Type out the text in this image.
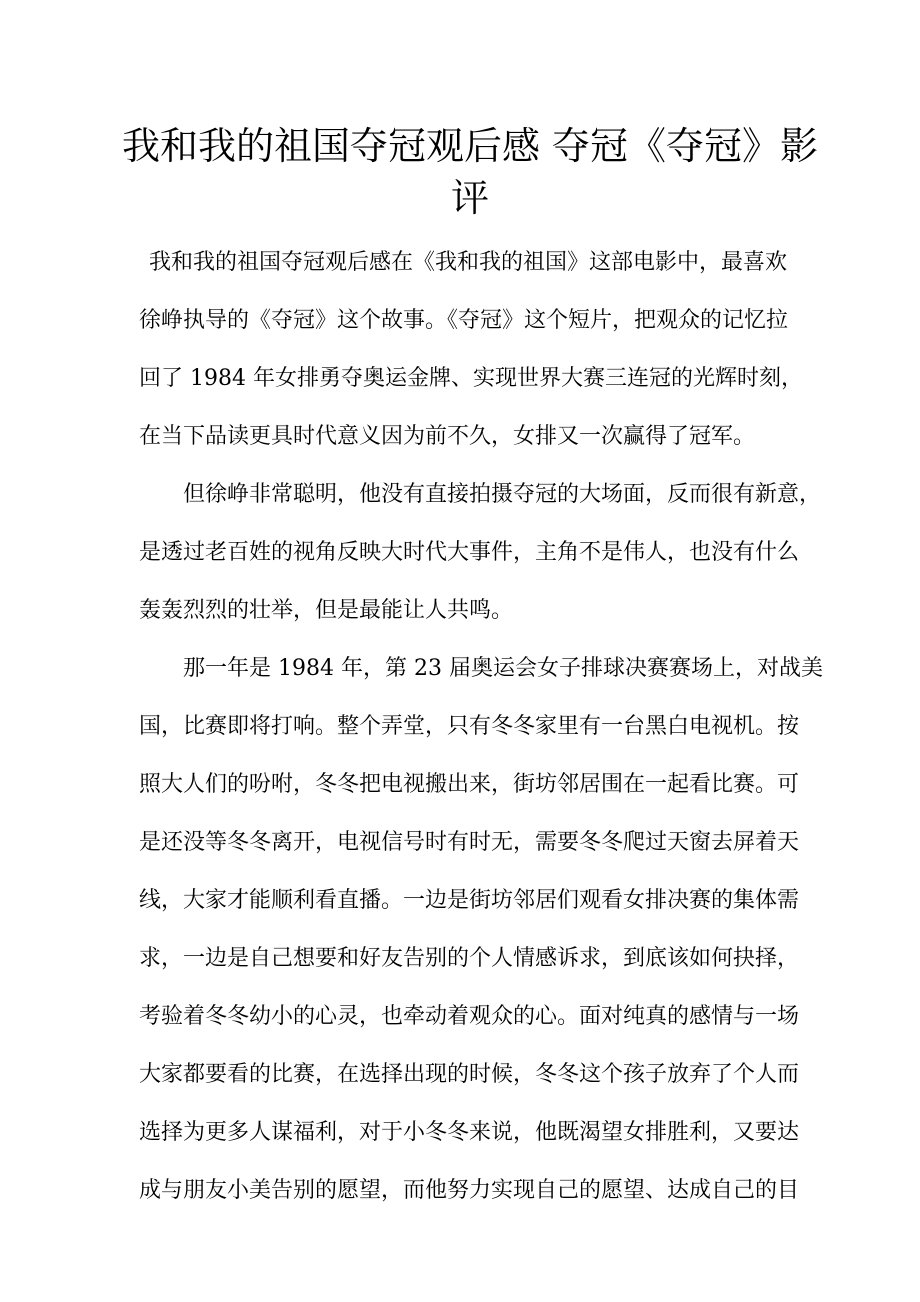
我和我的祖国夺冠观后感 夺冠《夺冠》影评
我和我的祖国夺冠观后感在《我和我的祖国》这部电影中，最喜欢
徐峥执导的《夺冠》这个故事。《夺冠》这个短片，把观众的记忆拉
回了 1984 年女排勇夺奥运金牌、实现世界大赛三连冠的光辉时刻，
在当下品读更具时代意义因为前不久，女排又一次赢得了冠军。
但徐峥非常聪明，他没有直接拍摄夺冠的大场面，反而很有新意，
是透过老百姓的视角反映大时代大事件，主角不是伟人，也没有什么
轰轰烈烈的壮举，但是最能让人共鸣。
那一年是 1984 年，第 23 届奥运会女子排球决赛赛场上，对战美
国，比赛即将打响。整个弄堂，只有冬冬家里有一台黑白电视机。按
照大人们的吩咐，冬冬把电视搬出来，街坊邻居围在一起看比赛。可
是还没等冬冬离开，电视信号时有时无，需要冬冬爬过天窗去屏着天
线，大家才能顺利看直播。一边是街坊邻居们观看女排决赛的集体需
求，一边是自己想要和好友告别的个人情感诉求，到底该如何抉择，
考验着冬冬幼小的心灵，也牵动着观众的心。面对纯真的感情与一场
大家都要看的比赛，在选择出现的时候，冬冬这个孩子放弃了个人而
选择为更多人谋福利，对于小冬冬来说，他既渴望女排胜利，又要达
成与朋友小美告别的愿望，而他努力实现自己的愿望、达成自己的目
